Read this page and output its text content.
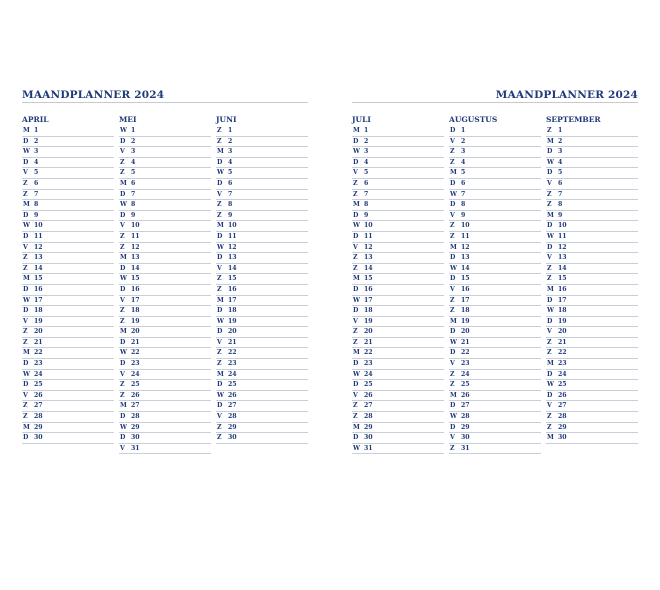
MAANDPLANNER 2024
APRIL
M 1
D 2
W 3
D 4
V 5
Z	6
Z	7
M 8
D 9
W 10
D 11
V 12
Z	13
Z	14
M 15
D 16
W 17
D 18
V 19
Z	20
Z	21
M 22
D 23
W 24
D 25
V 26
Z	27
Z	28
M 29
D 30
MEI
W 1
D 2
V 3
Z	4
Z	5
M 6
D 7
W 8
D 9
V 10
Z	11
Z	12
M 13
D 14
W 15
D 16
V 17
Z	18
Z	19
M 20
D 21
W 22
D 23
V 24
Z	25
Z	26
M 27
D 28
W 29
D 30
V 31
JUNI
Z	1
Z	2
M 3
D 4
W 5
D 6
V 7
Z	8
Z	9
M 10
D 11
W 12
D 13
V 14
Z	15
Z	16
M 17
D 18
W 19
D 20
V 21
Z	22
Z	23
M 24
D 25
W 26
D 27
V 28
Z	29
Z	30
MAANDPLANNER 2024
JULI
M 1
D 2
W 3
D 4
V 5
Z	6
Z	7
M 8
D 9
W 10
D 11
V 12
Z	13
Z	14
M 15
D 16
W 17
D 18
V 19
Z	20
Z	21
M 22
D 23
W 24
D 25
V 26
Z	27
Z	28
M 29
D 30
W 31
AUGUSTUS
D 1
V 2
Z	3
Z	4
M 5
D 6
W 7
D 8
V 9
Z	10
Z	11
M 12
D 13
W 14
D 15
V 16
Z	17
Z	18
M 19
D 20
W 21
D 22
V 23
Z	24
Z	25
M 26
D 27
W 28
D 29
V 30
Z	31
SEPTEMBER
Z	1
M 2
D 3
W 4
D 5
V 6
Z	7
Z	8
M 9
D 10
W 11
D 12
V 13
Z	14
Z	15
M 16
D 17
W 18
D 19
V 20
Z	21
Z	22
M 23
D 24
W 25
D 26
V 27
Z	28
Z	29
M 30
